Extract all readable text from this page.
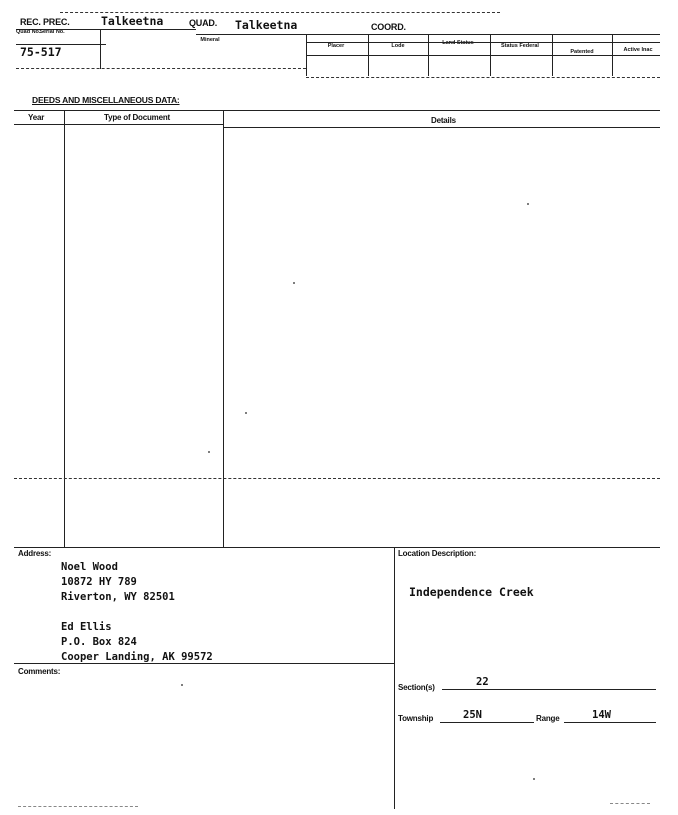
REC. PREC.	Talkeetna	QUAD. Talkeetna	COORD.
Quad No.
Serial No.
Mineral
Placer	Lode	Land Status	Status Federal
Patented	Active Inac
75-517
DEEDS AND MISCELLANEOUS DATA:
Year	Type of Document	Details
Address:
Noel Wood
10872 HY 789
Riverton, WY 82501
Ed Ellis
P.O. Box 824
Cooper Landing, AK 99572
Location Description:
Independence Creek
Comments:
Section(s)	22
Township	25N	Range	14W
